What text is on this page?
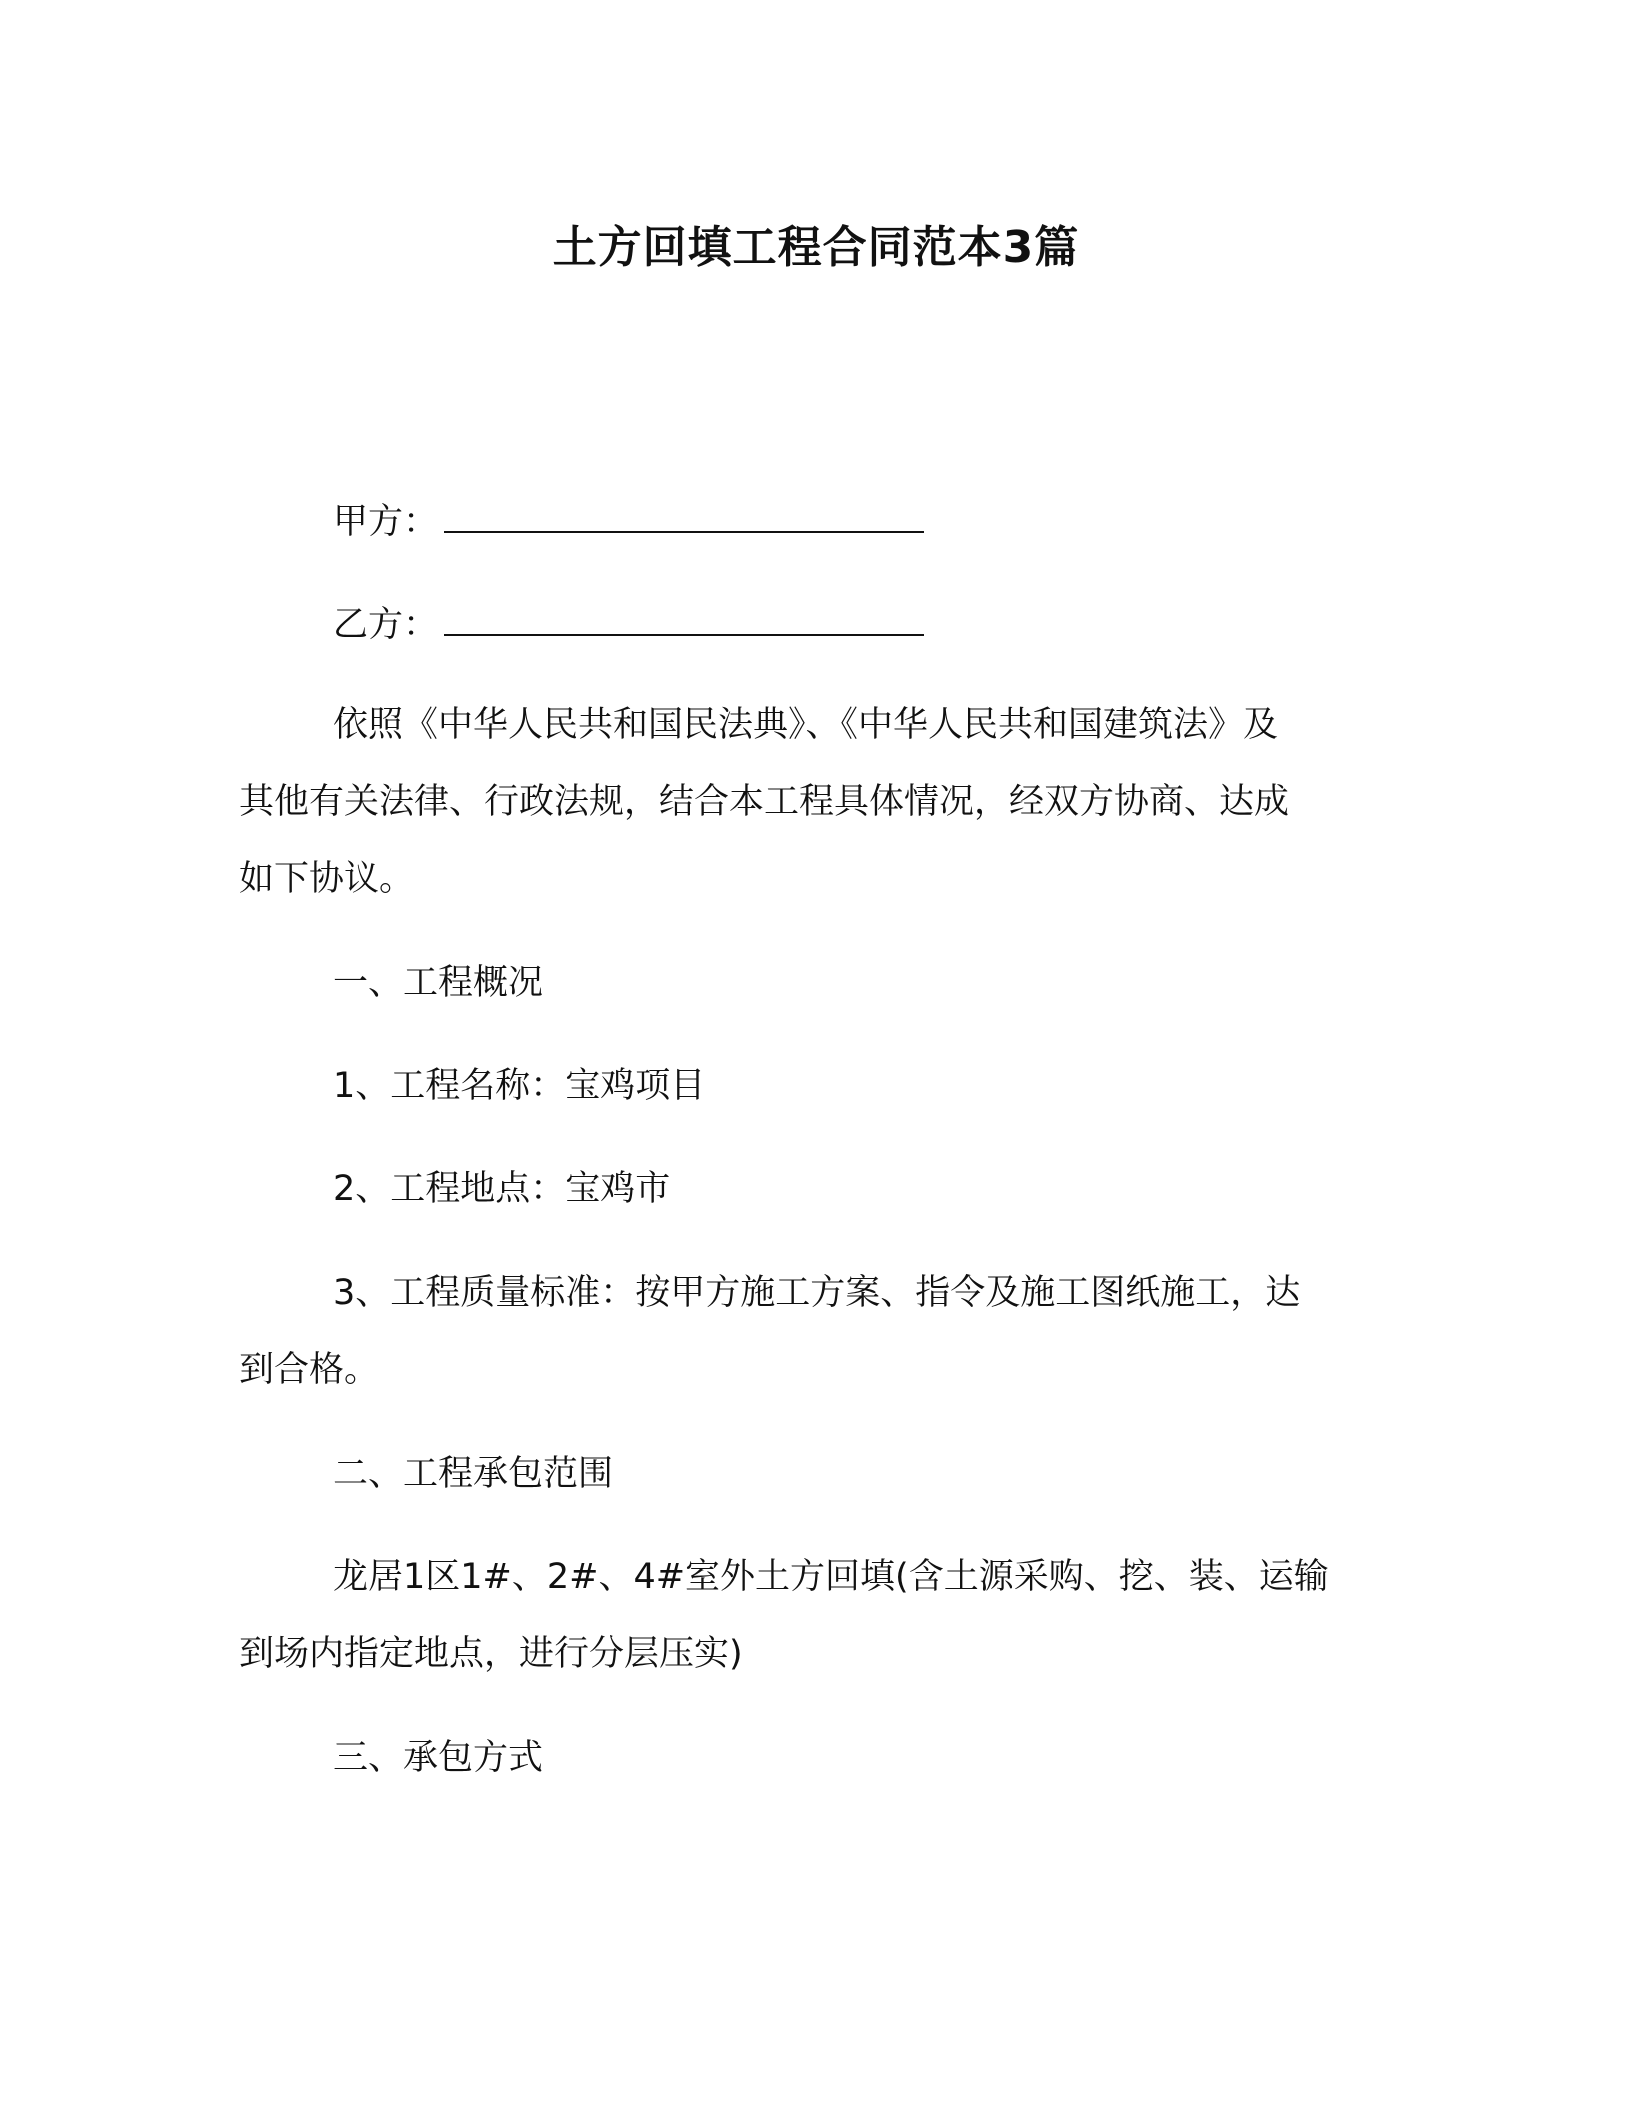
土方回填工程合同范本3篇
甲方：
乙方：
依照《中华人民共和国民法典》、《中华人民共和国建筑法》及
其他有关法律、行政法规，结合本工程具体情况，经双方协商、达成
如下协议。
一、工程概况
1、工程名称：宝鸡项目
2、工程地点：宝鸡市
3、工程质量标准：按甲方施工方案、指令及施工图纸施工，达
到合格。
二、工程承包范围
龙居1区1#、2#、4#室外土方回填(含土源采购、挖、装、运输
到场内指定地点，进行分层压实)
三、承包方式
